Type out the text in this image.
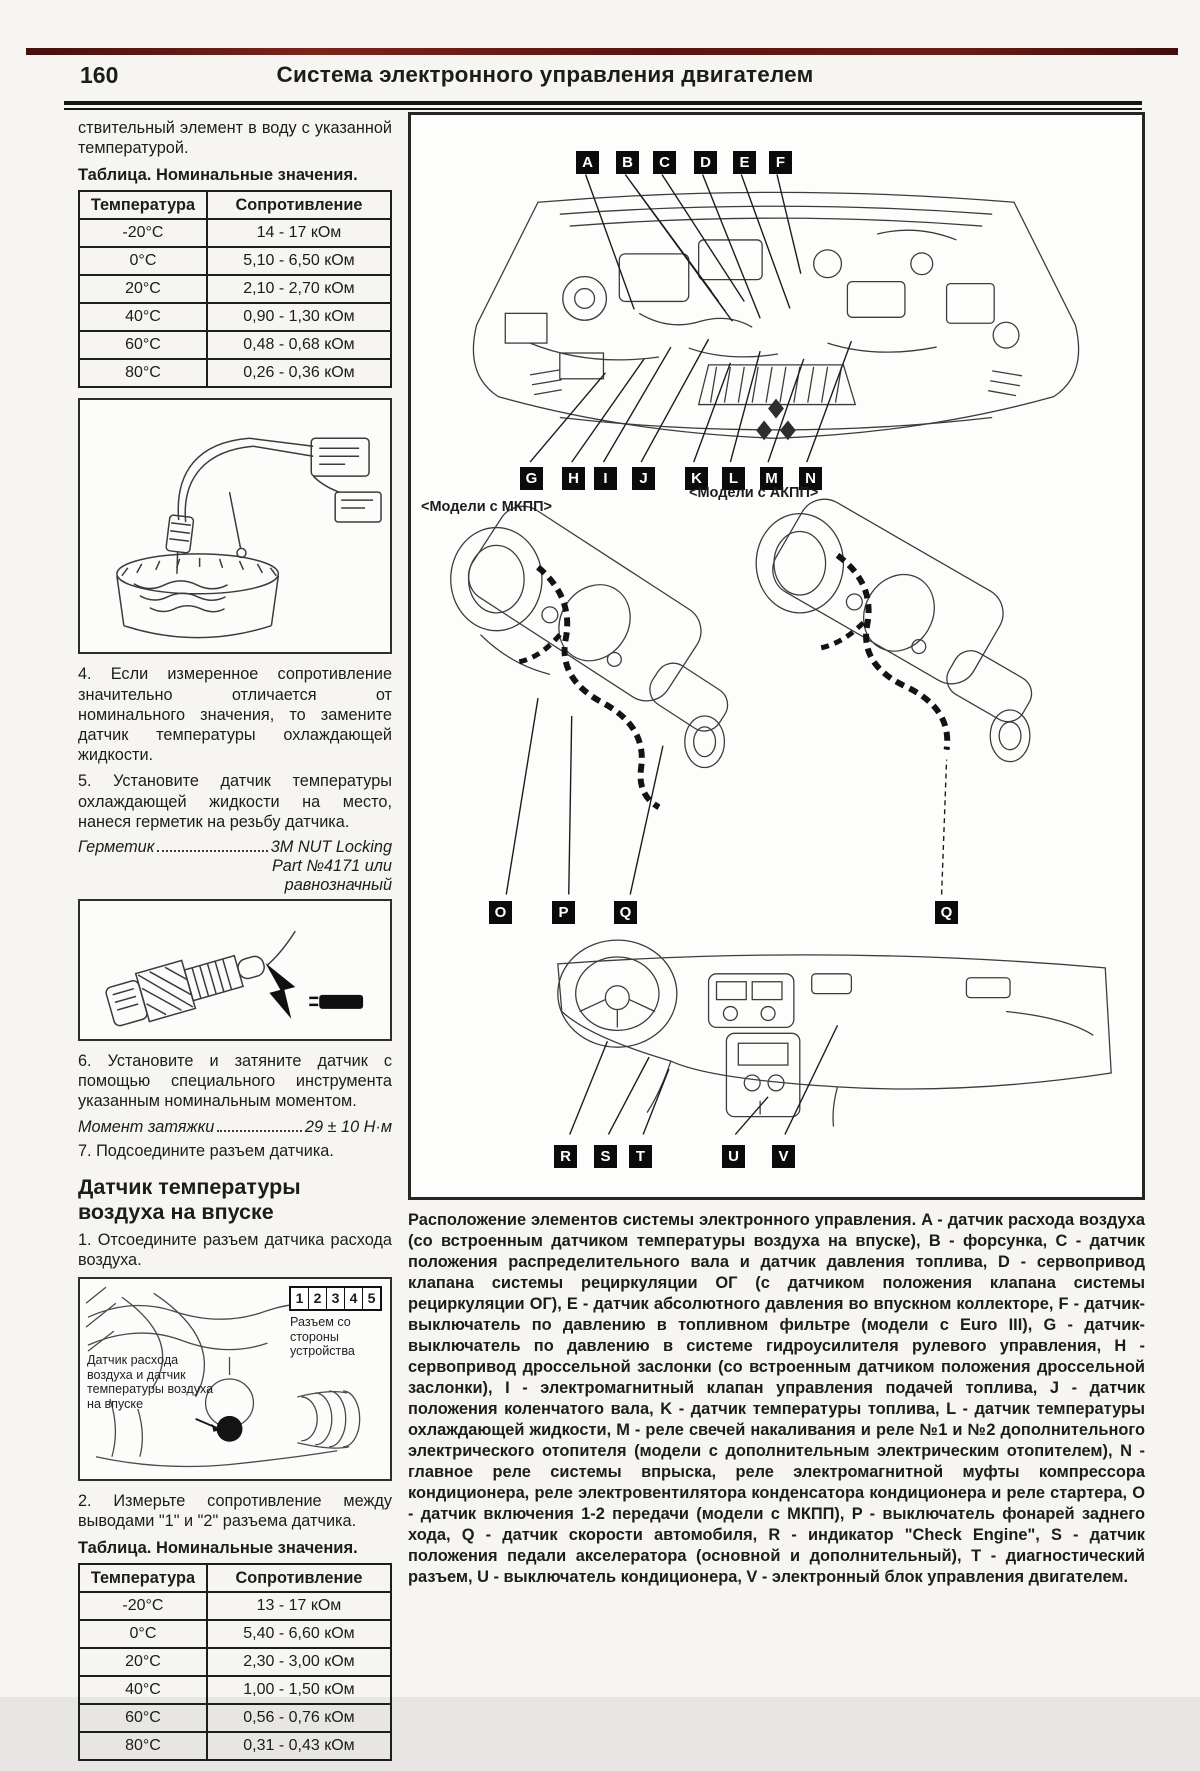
160	Система электронного управления двигателем

ствительный элемент в воду с указанной температурой.

Таблица. Номинальные значения.
Температура	Сопротивление
-20°C	14 - 17 кОм
0°C	5,10 - 6,50 кОм
20°C	2,10 - 2,70 кОм
40°C	0,90 - 1,30 кОм
60°C	0,48 - 0,68 кОм
80°C	0,26 - 0,36 кОм

4. Если измеренное сопротивление значительно отличается от номинального значения, то замените датчик температуры охлаждающей жидкости.

5. Установите датчик температуры охлаждающей жидкости на место, нанеся герметик на резьбу датчика.

Герметик	3M NUT Locking
Part №4171 или
равнозначный

6. Установите и затяните датчик с помощью специального инструмента указанным номинальным моментом.

Момент затяжки	29 ± 10 Н·м

7. Подсоедините разъем датчика.

Датчик температуры воздуха на впуске

1. Отсоедините разъем датчика расхода воздуха.

1 2 3 4 5
Разъем со стороны устройства
Датчик расхода воздуха и датчик температуры воздуха на впуске

2. Измерьте сопротивление между выводами "1" и "2" разъема датчика.

Таблица. Номинальные значения.
Температура	Сопротивление
-20°C	13 - 17 кОм
0°C	5,40 - 6,60 кОм
20°C	2,30 - 3,00 кОм
40°C	1,00 - 1,50 кОм
60°C	0,56 - 0,76 кОм
80°C	0,31 - 0,43 кОм
A	B	C	D	E	F
G	H	I	J	K	L	M	N
<Модели с МКПП>
<Модели с АКПП>
O	P	Q	Q
R	S	T	U	V
Расположение элементов системы электронного управления. A - датчик расхода воздуха (со встроенным датчиком температуры воздуха на впуске), B - форсунка, C - датчик положения распределительного вала и датчик давления топлива, D - сервопривод клапана системы рециркуляции ОГ (с датчиком положения клапана системы рециркуляции ОГ), E - датчик абсолютного давления во впускном коллекторе, F - датчик-выключатель по давлению в топливном фильтре (модели с Euro III), G - датчик-выключатель по давлению в системе гидроусилителя рулевого управления, H - сервопривод дроссельной заслонки (со встроенным датчиком положения дроссельной заслонки), I - электромагнитный клапан управления подачей топлива, J - датчик положения коленчатого вала, K - датчик температуры топлива, L - датчик температуры охлаждающей жидкости, M - реле свечей накаливания и реле №1 и №2 дополнительного электрического отопителя (модели с дополнительным электрическим отопителем), N - главное реле системы впрыска, реле электромагнитной муфты компрессора кондиционера, реле электровентилятора конденсатора кондиционера и реле стартера, O - датчик включения 1-2 передачи (модели с МКПП), P - выключатель фонарей заднего хода, Q - датчик скорости автомобиля, R - индикатор "Check Engine", S - датчик положения педали акселератора (основной и дополнительный), T - диагностический разъем, U - выключатель кондиционера, V - электронный блок управления двигателем.
